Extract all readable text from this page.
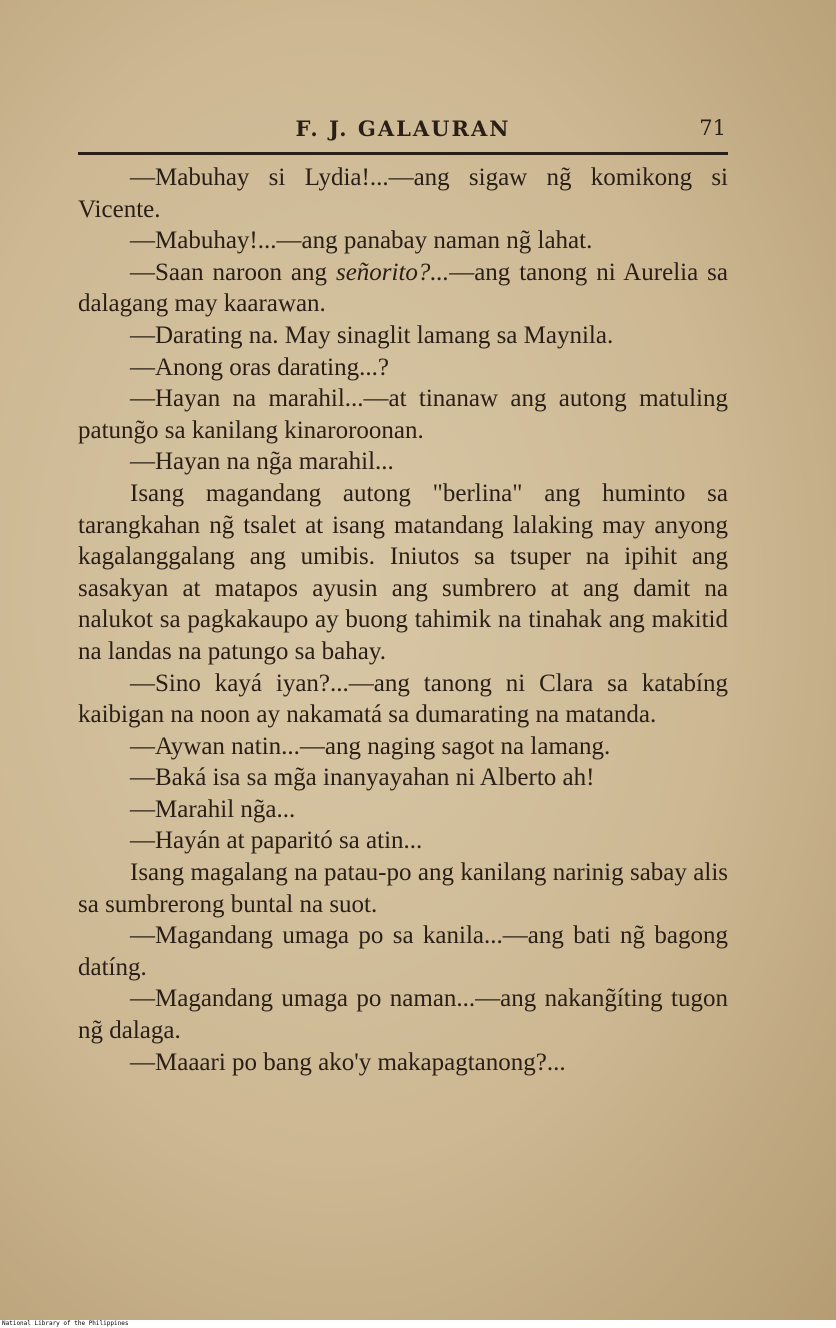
F. J. GALAURAN	71

—Mabuhay si Lydia!...—ang sigaw ng̃ komikong si Vicente.

—Mabuhay!...—ang panabay naman ng̃ lahat.

—Saan naroon ang señorito?...—ang tanong ni Aurelia sa dalagang may kaarawan.

—Darating na. May sinaglit lamang sa Maynila.

—Anong oras darating...?

—Hayan na marahil...—at tinanaw ang autong matuling patung̃o sa kanilang kinaroroonan.

—Hayan na ng̃a marahil...

Isang magandang autong "berlina" ang huminto sa tarangkahan ng̃ tsalet at isang matandang lalaking may anyong kagalanggalang ang umibis. Iniutos sa tsuper na ipihit ang sasakyan at matapos ayusin ang sumbrero at ang damit na nalukot sa pagkakaupo ay buong tahimik na tinahak ang makitid na landas na patungo sa bahay.

—Sino kayá iyan?...—ang tanong ni Clara sa katabíng kaibigan na noon ay nakamatá sa dumarating na matanda.

—Aywan natin...—ang naging sagot na lamang.

—Baká isa sa mg̃a inanyayahan ni Alberto ah!

—Marahil ng̃a...

—Hayán at paparitó sa atin...

Isang magalang na patau-po ang kanilang narinig sabay alis sa sumbrerong buntal na suot.

—Magandang umaga po sa kanila...—ang bati ng̃ bagong datíng.

—Magandang umaga po naman...—ang nakang̃íting tugon ng̃ dalaga.

—Maaari po bang ako'y makapagtanong?...

National Library of the Philippines
